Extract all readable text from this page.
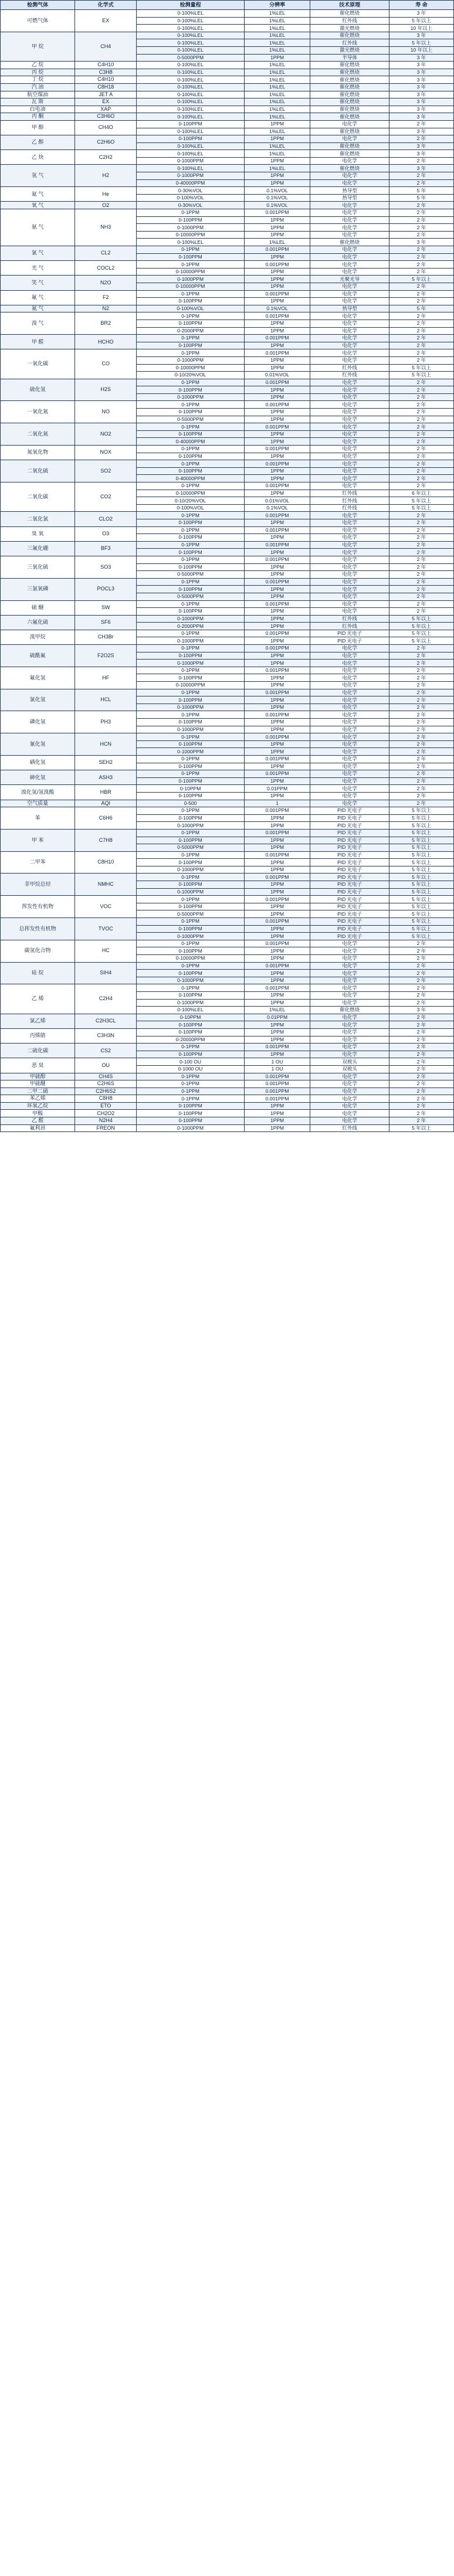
检测气体	化学式	检测量程	分辨率	技术原理	寿 命
可燃气体	EX	0-100%LEL	1%LEL	催化燃烧	3 年
		0-100%LEL	1%LEL	红外线	5 年以上
		0-100%LEL	1%LEL	激光燃烧	10 年以上
甲 烷	CH4	0-100%LEL	1%LEL	催化燃烧	3 年
		0-100%LEL	1%LEL	红外线	5 年以上
		0-100%LEL	1%LEL	激光燃烧	10 年以上
		0-5000PPM	1PPM	半导体	3 年
乙 烷	C4H10	0-100%LEL	1%LEL	催化燃烧	3 年
丙 烷	C3H8	0-100%LEL	1%LEL	催化燃烧	3 年
丁 烷	C4H10	0-100%LEL	1%LEL	催化燃烧	3 年
汽 油	C8H18	0-100%LEL	1%LEL	催化燃烧	3 年
航空煤油	JET A	0-100%LEL	1%LEL	催化燃烧	3 年
瓦 斯	EX	0-100%LEL	1%LEL	催化燃烧	3 年
白电油	XAP	0-100%LEL	1%LEL	催化燃烧	3 年
丙 酮	C3H6O	0-100%LEL	1%LEL	催化燃烧	3 年
甲 醇	CH4O	0-100PPM	1PPM	电化学	2 年
		0-100%LEL	1%LEL	催化燃烧	3 年
乙 醇	C2H6O	0-100PPM	1PPM	电化学	2 年
		0-100%LEL	1%LEL	催化燃烧	3 年
乙 炔	C2H2	0-100%LEL	1%LEL	催化燃烧	3 年
		0-1000PPM	1PPM	电化学	2 年
氢 气	H2	0-100%LEL	1%LEL	催化燃烧	3 年
		0-1000PPM	1PPM	电化学	2 年
		0-40000PPM	1PPM	电化学	2 年
氦 气	He	0-30%VOL	0.1%VOL	热导型	5 年
		0-100%VOL	0.1%VOL	热导型	5 年
氧 气	O2	0-30%VOL	0.1%VOL	电化学	2 年
氨 气	NH3	0-1PPM	0.001PPM	电化学	2 年
		0-100PPM	1PPM	电化学	2 年
		0-1000PPM	1PPM	电化学	2 年
		0-10000PPM	1PPM	电化学	2 年
		0-100%LEL	1%LEL	催化燃烧	3 年
氯 气	CL2	0-1PPM	0.001PPM	电化学	2 年
		0-100PPM	1PPM	电化学	2 年
光 气	COCL2	0-1PPM	0.001PPM	电化学	2 年
		0-10000PPM	1PPM	电化学	2 年
笑 气	N2O	0-1000PPM	1PPM	光聚光导	5 年以上
		0-10000PPM	1PPM	电化学	2 年
氟 气	F2	0-1PPM	0.001PPM	电化学	2 年
		0-100PPM	1PPM	电化学	2 年
氮 气	N2	0-100%VOL	0.1%VOL	热导型	5 年
溴 气	BR2	0-1PPM	0.001PPM	电化学	2 年
		0-100PPM	1PPM	电化学	2 年
		0-2000PPM	1PPM	电化学	2 年
甲 醛	HCHO	0-1PPM	0.001PPM	电化学	2 年
		0-100PPM	1PPM	电化学	2 年
一氧化碳	CO	0-1PPM	0.001PPM	电化学	2 年
		0-1000PPM	1PPM	电化学	2 年
		0-10000PPM	1PPM	红外线	5 年以上
		0-10/20%VOL	0.01%VOL	红外线	5 年以上
硫化氢	H2S	0-1PPM	0.001PPM	电化学	2 年
		0-100PPM	1PPM	电化学	2 年
		0-1000PPM	1PPM	电化学	2 年
一氧化氮	NO	0-1PPM	0.001PPM	电化学	2 年
		0-100PPM	1PPM	电化学	2 年
		0-5000PPM	1PPM	电化学	2 年
二氧化氮	NO2	0-1PPM	0.001PPM	电化学	2 年
		0-100PPM	1PPM	电化学	2 年
		0-40000PPM	1PPM	电化学	2 年
氮氧化物	NOX	0-1PPM	0.001PPM	电化学	2 年
		0-100PPM	1PPM	电化学	2 年
二氧化硫	SO2	0-1PPM	0.001PPM	电化学	2 年
		0-100PPM	1PPM	电化学	2 年
		0-40000PPM	1PPM	电化学	2 年
二氧化碳	CO2	0-1PPM	0.001PPM	电化学	2 年
		0-10000PPM	1PPM	红外线	6 年以上
		0-10/20%VOL	0.01%VOL	红外线	5 年以上
		0-100%VOL	0.1%VOL	红外线	5 年以上
二氧化氯	CLO2	0-1PPM	0.001PPM	电化学	2 年
		0-100PPM	1PPM	电化学	2 年
臭 氧	O3	0-1PPM	0.001PPM	电化学	2 年
		0-100PPM	1PPM	电化学	2 年
三氟化硼	BF3	0-1PPM	0.001PPM	电化学	2 年
		0-100PPM	1PPM	电化学	2 年
三氧化硫	SO3	0-1PPM	0.001PPM	电化学	2 年
		0-100PPM	1PPM	电化学	2 年
		0-5000PPM	1PPM	电化学	2 年
三氯氧磷	POCL3	0-1PPM	0.001PPM	电化学	2 年
		0-100PPM	1PPM	电化学	2 年
		0-5000PPM	1PPM	电化学	2 年
硫 醚	SW	0-1PPM	0.001PPM	电化学	2 年
		0-100PPM	1PPM	电化学	2 年
六氟化硫	SF6	0-1000PPM	1PPM	红外线	5 年以上
		0-2000PPM	1PPM	红外线	5 年以上
溴甲烷	CH3Br	0-1PPM	0.001PPM	PID 光电子	5 年以上
		0-1000PPM	1PPM	PID 光电子	5 年以上
硫酰氟	F2O2S	0-1PPM	0.001PPM	电化学	2 年
		0-100PPM	1PPM	电化学	2 年
		0-1000PPM	1PPM	电化学	2 年
氟化氢	HF	0-1PPM	0.001PPM	电化学	2 年
		0-100PPM	1PPM	电化学	2 年
		0-10000PPM	1PPM	电化学	2 年
氯化氢	HCL	0-1PPM	0.001PPM	电化学	2 年
		0-100PPM	1PPM	电化学	2 年
		0-1000PPM	1PPM	电化学	2 年
磷化氢	PH3	0-1PPM	0.001PPM	电化学	2 年
		0-100PPM	1PPM	电化学	2 年
		0-1000PPM	1PPM	电化学	2 年
氰化氢	HCN	0-1PPM	0.001PPM	电化学	2 年
		0-100PPM	1PPM	电化学	2 年
		0-1000PPM	1PPM	电化学	2 年
硒化氢	SEH2	0-1PPM	0.001PPM	电化学	2 年
		0-100PPM	1PPM	电化学	2 年
砷化氢	ASH3	0-1PPM	0.001PPM	电化学	2 年
		0-100PPM	1PPM	电化学	2 年
溴化氢/氢溴酸	HBR	0-10PPM	0.01PPM	电化学	2 年
		0-100PPM	1PPM	电化学	2 年
空气质量	AQI	0-500	1	电化学	2 年
苯	C6H6	0-1PPM	0.001PPM	PID 光电子	5 年以上
		0-100PPM	1PPM	PID 光电子	5 年以上
		0-1000PPM	1PPM	PID 光电子	5 年以上
甲 苯	C7H8	0-1PPM	0.001PPM	PID 光电子	5 年以上
		0-100PPM	1PPM	PID 光电子	5 年以上
		0-5000PPM	1PPM	PID 光电子	5 年以上
二甲苯	C8H10	0-1PPM	0.001PPM	PID 光电子	5 年以上
		0-100PPM	1PPM	PID 光电子	5 年以上
		0-1000PPM	1PPM	PID 光电子	5 年以上
非甲烷总烃	NMHC	0-1PPM	0.001PPM	PID 光电子	5 年以上
		0-100PPM	1PPM	PID 光电子	5 年以上
		0-1000PPM	1PPM	PID 光电子	5 年以上
挥发性有机物	VOC	0-1PPM	0.001PPM	PID 光电子	5 年以上
		0-100PPM	1PPM	PID 光电子	5 年以上
		0-5000PPM	1PPM	PID 光电子	5 年以上
总挥发性有机物	TVOC	0-1PPM	0.001PPM	PID 光电子	5 年以上
		0-100PPM	1PPM	PID 光电子	5 年以上
		0-1000PPM	1PPM	PID 光电子	5 年以上
碳氢化合物	HC	0-1PPM	0.001PPM	电化学	2 年
		0-100PPM	1PPM	电化学	2 年
		0-10000PPM	1PPM	电化学	2 年
硅 烷	SIH4	0-1PPM	0.001PPM	电化学	2 年
		0-100PPM	1PPM	电化学	2 年
		0-1000PPM	1PPM	电化学	2 年
乙 烯	C2H4	0-1PPM	0.001PPM	电化学	2 年
		0-100PPM	1PPM	电化学	2 年
		0-1000PPM	1PPM	电化学	2 年
		0-100%LEL	1%LEL	催化燃烧	3 年
氯乙烯	C2H3CL	0-10PPM	0.01PPM	电化学	2 年
		0-100PPM	1PPM	电化学	2 年
丙烯腈	C3H3N	0-100PPM	1PPM	电化学	2 年
		0-20000PPM	1PPM	电化学	2 年
二硫化碳	CS2	0-1PPM	0.001PPM	电化学	2 年
		0-100PPM	1PPM	电化学	2 年
恶 臭	OU	0-100 OU	1 OU	双极头	2 年
		0-1000 OU	1 OU	双极头	2 年
甲硫醇	CH4S	0-1PPM	0.001PPM	电化学	2 年
甲硫醚	C2H6S	0-1PPM	0.001PPM	电化学	2 年
二甲二硫	C2H6S2	0-1PPM	0.001PPM	电化学	2 年
苯乙烯	C8H8	0-1PPM	0.001PPM	电化学	2 年
环氧乙烷	ETO	0-100PPM	1PPM	电化学	2 年
甲酸	CH2O2	0-100PPM	1PPM	电化学	2 年
乙 醛	N2H4	0-100PPM	1PPM	电化学	2 年
氟利昂	FREON	0-1000PPM	1PPM	红外线	5 年以上
